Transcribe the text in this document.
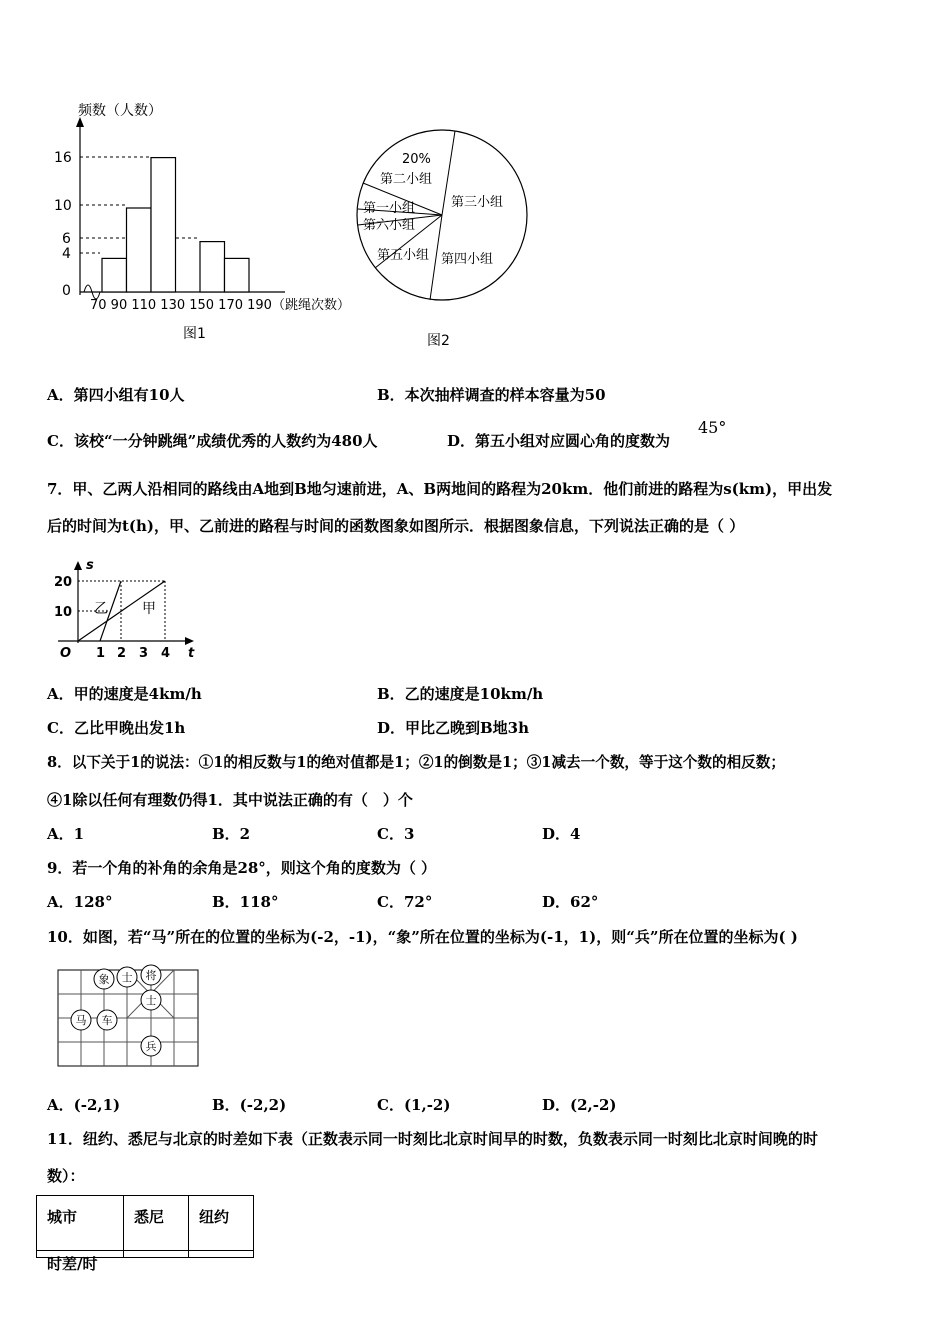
频数（人数）
16
10
6
4
0
70 90 110 130 150 170 190（跳绳次数）
图1
20%
第二小组
第三小组
第一小组
第六小组
第五小组 第四小组
图2
A．第四小组有10人	B．本次抽样调查的样本容量为50
C．该校“一分钟跳绳”成绩优秀的人数约为480人	D．第五小组对应圆心角的度数为
45°
7．甲、乙两人沿相同的路线由A地到B地匀速前进，A、B两地间的路程为20km．他们前进的路程为s(km)，甲出发
后的时间为t(h)，甲、乙前进的路程与时间的函数图象如图所示．根据图象信息，下列说法正确的是（ ）
s
t
O
20
10
1 2 3 4
乙 甲
A．甲的速度是4km/h	B．乙的速度是10km/h
C．乙比甲晚出发1h	D．甲比乙晚到B地3h
8．以下关于1的说法：①1的相反数与1的绝对值都是1；②1的倒数是1；③1减去一个数，等于这个数的相反数；
④1除以任何有理数仍得1．其中说法正确的有（　）个
A．1	B．2	C．3	D．4
9．若一个角的补角的余角是28°，则这个角的度数为（ ）
A．128°	B．118°	C．72°	D．62°
10．如图，若“马”所在的位置的坐标为(-2，-1)，“象”所在位置的坐标为(-1，1)，则“兵”所在位置的坐标为( )
象 士 将
士
马 车
兵
A．(-2,1)	B．(-2,2)	C．(1,-2)	D．(2,-2)
11．纽约、悉尼与北京的时差如下表（正数表示同一时刻比北京时间早的时数，负数表示同一时刻比北京时间晚的时
数）：
城市	悉尼	纽约

时差/时
